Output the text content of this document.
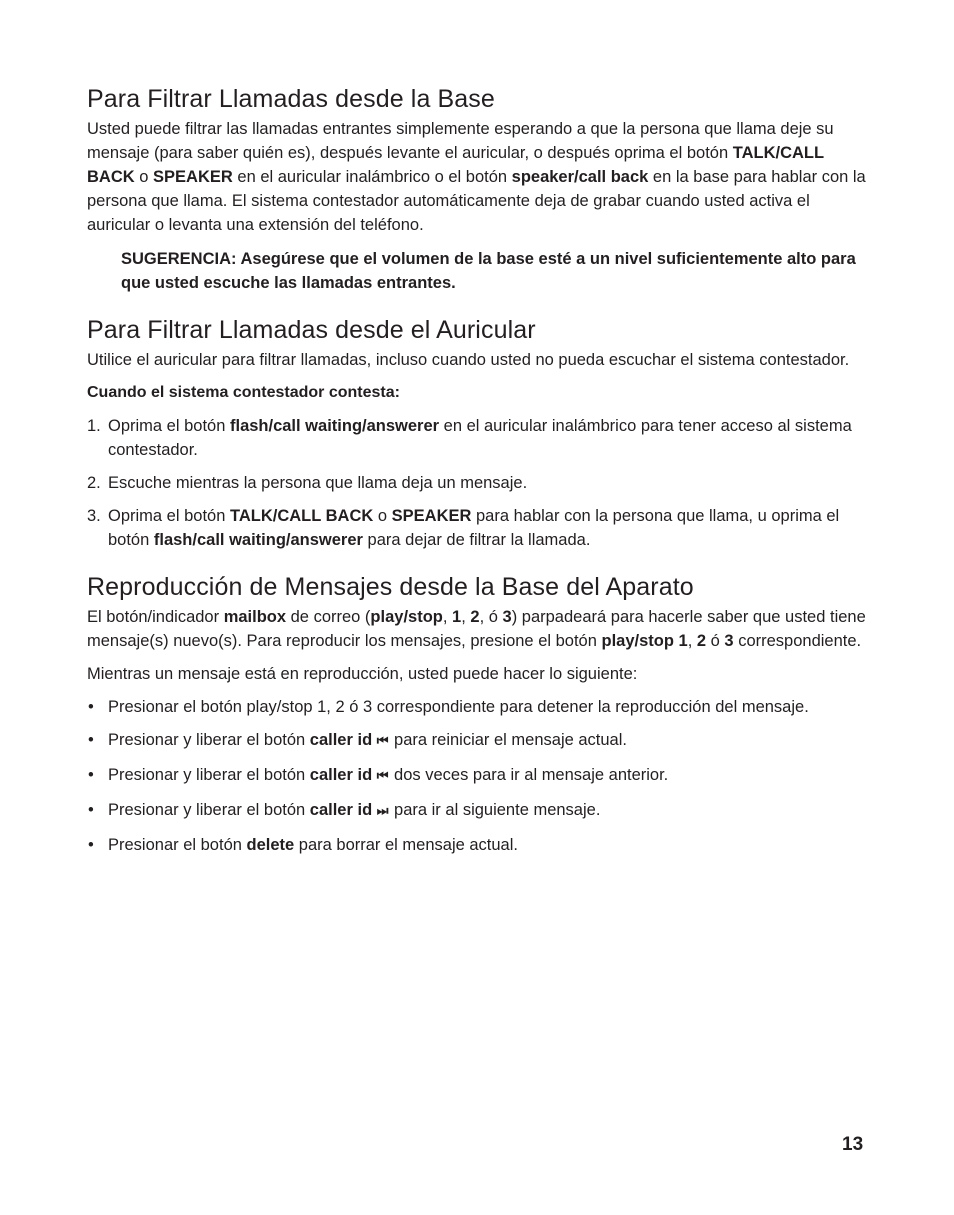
Para Filtrar Llamadas desde la Base

Usted puede filtrar las llamadas entrantes simplemente esperando a que la persona que llama deje su mensaje (para saber quién es), después levante el auricular, o después oprima el botón TALK/CALL BACK o SPEAKER en el auricular inalámbrico o el botón speaker/call back en la base para hablar con la persona que llama. El sistema contestador automáticamente deja de grabar cuando usted activa el auricular o levanta una extensión del teléfono.

SUGERENCIA: Asegúrese que el volumen de la base esté a un nivel suficientemente alto para que usted escuche las llamadas entrantes.
Para Filtrar Llamadas desde el Auricular

Utilice el auricular para filtrar llamadas, incluso cuando usted no pueda escuchar el sistema contestador.

Cuando el sistema contestador contesta:
1. Oprima el botón flash/call waiting/answerer en el auricular inalámbrico para tener acceso al sistema contestador.
2. Escuche mientras la persona que llama deja un mensaje.
3. Oprima el botón TALK/CALL BACK o SPEAKER para hablar con la persona que llama, u oprima el botón flash/call waiting/answerer para dejar de filtrar la llamada.
Reproducción de Mensajes desde la Base del Aparato

El botón/indicador mailbox de correo (play/stop, 1, 2, ó 3) parpadeará para hacerle saber que usted tiene mensaje(s) nuevo(s). Para reproducir los mensajes, presione el botón play/stop 1, 2 ó 3 correspondiente.

Mientras un mensaje está en reproducción, usted puede hacer lo siguiente:

• Presionar el botón play/stop 1, 2 ó 3 correspondiente para detener la reproducción del mensaje.
• Presionar y liberar el botón caller id ⏮ para reiniciar el mensaje actual.
• Presionar y liberar el botón caller id ⏮ dos veces para ir al mensaje anterior.
• Presionar y liberar el botón caller id ⏭ para ir al siguiente mensaje.
• Presionar el botón delete para borrar el mensaje actual.
13
